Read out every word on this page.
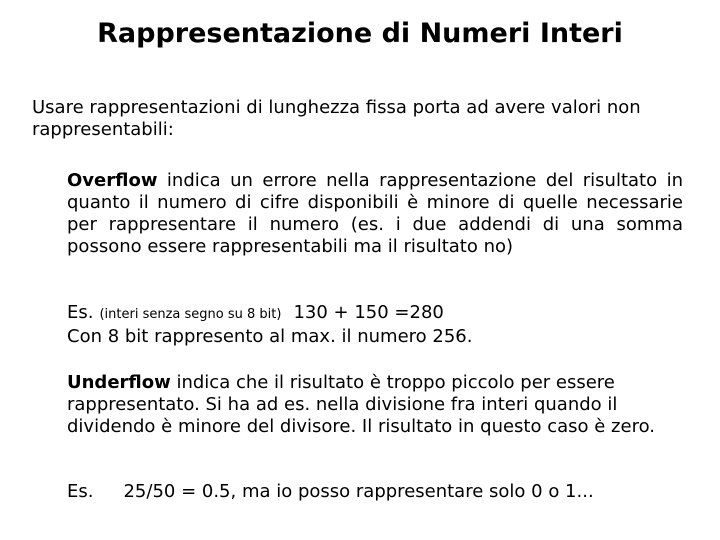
Rappresentazione di Numeri Interi
Usare rappresentazioni di lunghezza fissa porta ad avere valori non rappresentabili:
Overflow indica un errore nella rappresentazione del risultato in quanto il numero di cifre disponibili è minore di quelle necessarie per rappresentare il numero (es. i due addendi di una somma possono essere rappresentabili ma il risultato no)
Es. (interi senza segno su 8 bit) 130 + 150 =280
Con 8 bit rappresento al max. il numero 256.
Underflow indica che il risultato è troppo piccolo per essere rappresentato. Si ha ad es. nella divisione fra interi quando il dividendo è minore del divisore. Il risultato in questo caso è zero.
Es. 25/50 = 0.5, ma io posso rappresentare solo 0 o 1...
